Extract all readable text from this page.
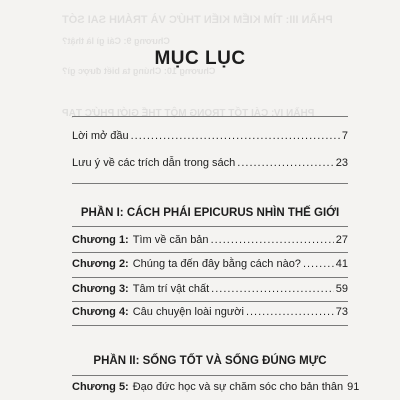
PHẦN III: TÌM KIẾM KIẾN THỨC VÀ TRÁNH SAI SÓT
Chương 9: Cái gì là thật?
Chương 10: Chúng ta biết được gì?
PHẦN IV: CÁI TỐT TRONG MỘT THẾ GIỚI PHỨC TẠP
MỤC LỤC
Lời mở đầu .....	7
Lưu ý về các trích dẫn trong sách .....	23
PHẦN I: CÁCH PHÁI EPICURUS NHÌN THẾ GIỚI
Chương 1: Tìm về căn bản .....	27
Chương 2: Chúng ta đến đây bằng cách nào? .....	41
Chương 3: Tâm trí vật chất .....	59
Chương 4: Câu chuyện loài người .....	73
PHẦN II: SỐNG TỐT VÀ SỐNG ĐÚNG MỰC
Chương 5: Đạo đức học và sự chăm sóc cho bản thân 91
